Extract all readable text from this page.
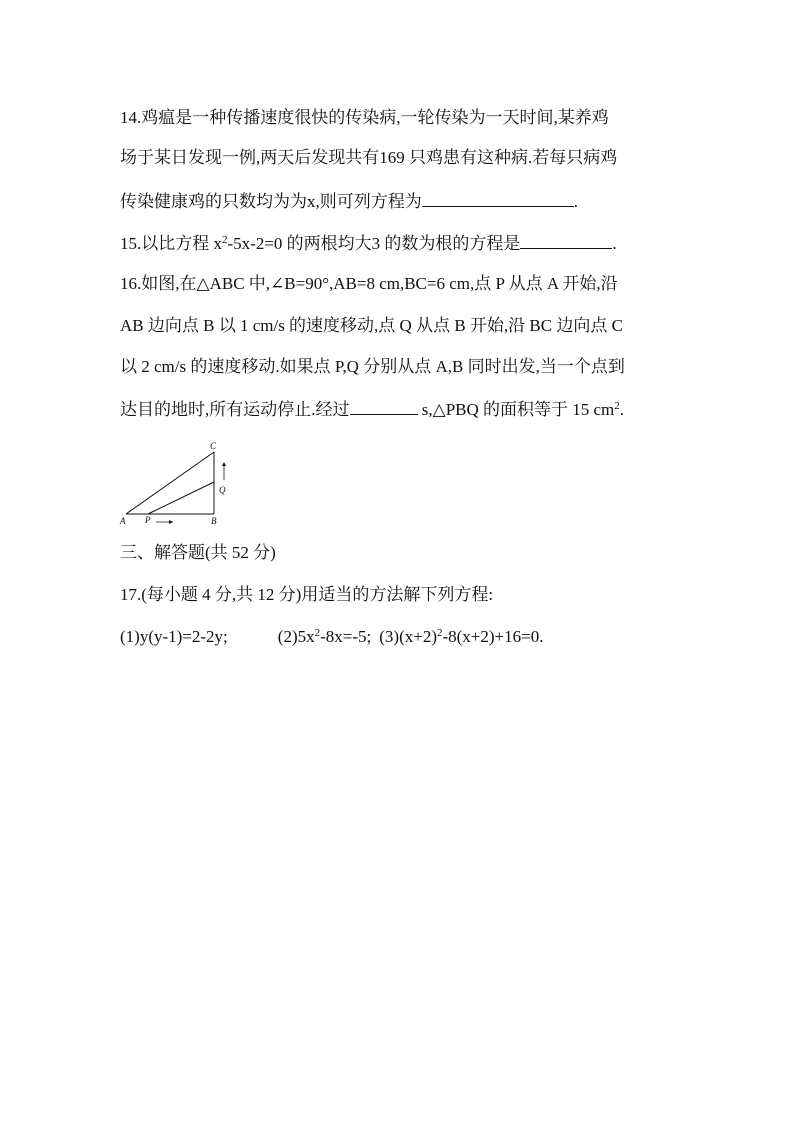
14.鸡瘟是一种传播速度很快的传染病,一轮传染为一天时间,某养鸡
场于某日发现一例,两天后发现共有169 只鸡患有这种病.若每只病鸡
传染健康鸡的只数均为为x,则可列方程为	.
15.以比方程 $x^2-5x-2=0$ 的两根均大3 的数为根的方程是	.
16.如图,在△ABC 中,∠B=90°,AB=8 cm,BC=6 cm,点 P 从点 A 开始,沿
AB 边向点 B 以 1 cm/s 的速度移动,点 Q 从点 B 开始,沿 BC 边向点 C
以 2 cm/s 的速度移动.如果点 P,Q 分别从点 A,B 同时出发,当一个点到
达目的地时,所有运动停止.经过	s,△PBQ 的面积等于 15 $cm^2$.
A	B
C
P
Q
三、解答题(共 52 分)
17.(每小题 4 分,共 12 分)用适当的方法解下列方程:
(1)y(y-1)=2-2y;	$(2)5x^2-8x=-5$; $(3)(x+2)^2-8(x+2)+16=0$.
